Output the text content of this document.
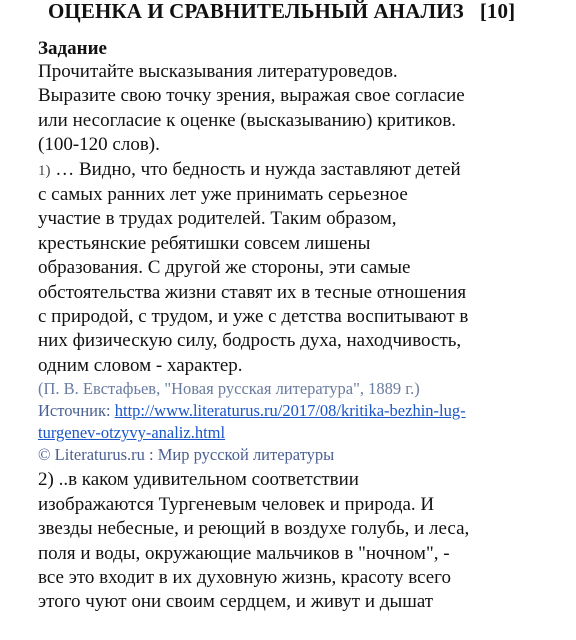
ОЦЕНКА И СРАВНИТЕЛЬНЫЙ АНАЛИЗ [10]
Задание
Прочитайте высказывания литературоведов.
Выразите свою точку зрения, выражая свое согласие
или несогласие к оценке (высказыванию) критиков.
(100-120 слов).
1) … Видно, что бедность и нужда заставляют детей
с самых ранних лет уже принимать серьезное
участие в трудах родителей. Таким образом,
крестьянские ребятишки совсем лишены
образования. С другой же стороны, эти самые
обстоятельства жизни ставят их в тесные отношения
с природой, с трудом, и уже с детства воспитывают в
них физическую силу, бодрость духа, находчивость,
одним словом - характер.
(П. В. Евстафьев, "Новая русская литература", 1889 г.)
Источник: http://www.literaturus.ru/2017/08/kritika-bezhin-lug-
turgenev-otzyvy-analiz.html
© Literaturus.ru : Мир русской литературы
2) ..в каком удивительном соответствии
изображаются Тургеневым человек и природа. И
звезды небесные, и реющий в воздухе голубь, и леса,
поля и воды, окружающие мальчиков в "ночном", -
все это входит в их духовную жизнь, красоту всего
этого чуют они своим сердцем, и живут и дышат
